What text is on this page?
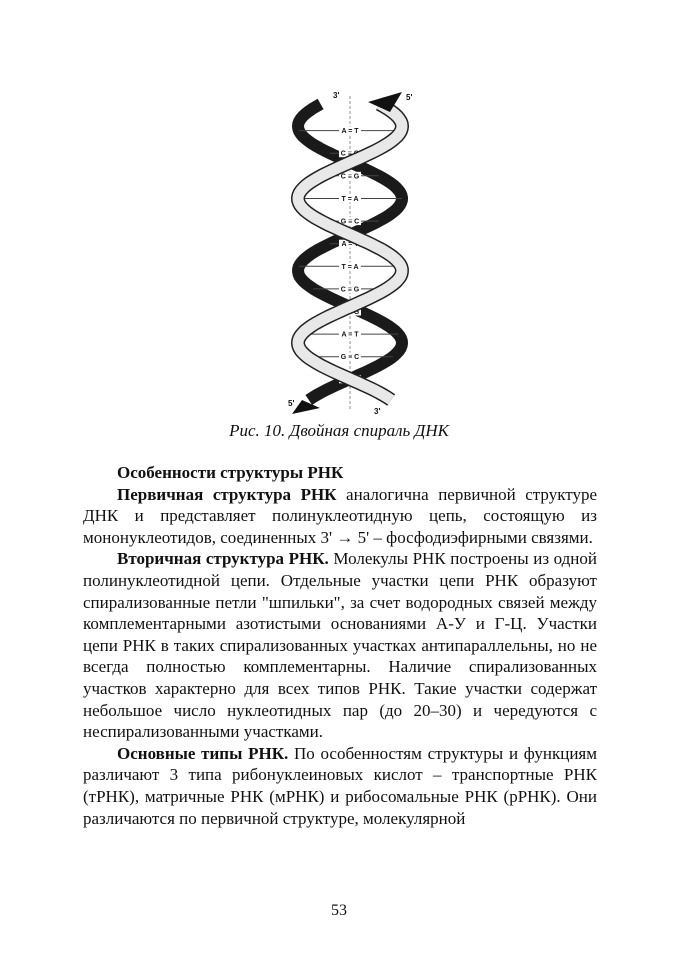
A = T
C ≡ G
C ≡ G
T = A
G ≡ C
A = T
T = A
C ≡ G
C ≡ G
A = T
G ≡ C
T = A
3'	5'
5'
3'
Рис. 10. Двойная спираль ДНК

Особенности структуры РНК

Первичная структура РНК аналогична первичной структуре ДНК и представляет полинуклеотидную цепь, состоящую из мононуклеотидов, соединенных 3' → 5' – фосфодиэфирными связями.

Вторичная структура РНК. Молекулы РНК построены из одной полинуклеотидной цепи. Отдельные участки цепи РНК образуют спирализованные петли "шпильки", за счет водородных связей между комплементарными азотистыми основаниями А-У и Г-Ц. Участки цепи РНК в таких спирализованных участках антипараллельны, но не всегда полностью комплементарны. Наличие спирализованных участков характерно для всех типов РНК. Такие участки содержат небольшое число нуклеотидных пар (до 20–30) и чередуются с неспирализованными участками.

Основные типы РНК. По особенностям структуры и функциям различают 3 типа рибонуклеиновых кислот – транспортные РНК (тРНК), матричные РНК (мРНК) и рибосомальные РНК (рРНК). Они различаются по первичной структуре, молекулярной

53
